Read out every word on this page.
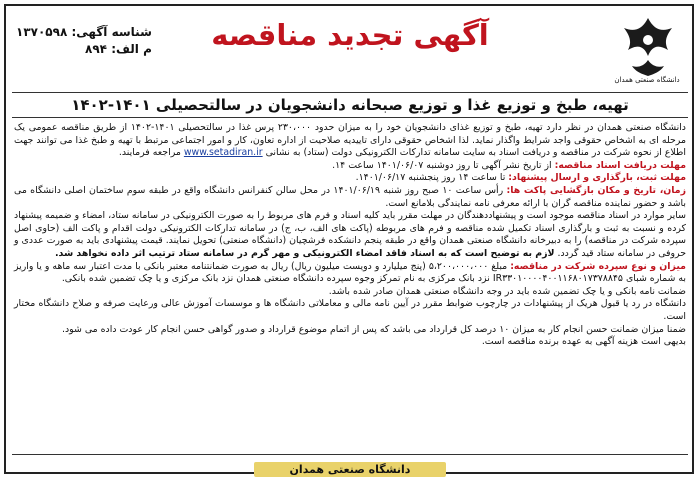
دانشگاه صنعتی همدان
آگهی تجدید مناقصه
شناسه آگهی: ۱۳۷۰۵۹۸
م الف: ۸۹۴
تهیه، طبخ و توزیع غذا و توزیع صبحانه دانشجویان در سالتحصیلی ۱۴۰۱-۱۴۰۲

دانشگاه صنعتی همدان در نظر دارد تهیه، طبخ و توزیع غذای دانشجویان خود را به میزان حدود ۲۳۰،۰۰۰ پرس غذا در سالتحصیلی ۱۴۰۱-۱۴۰۲ از طریق مناقصه عمومی یک مرحله ای به اشخاص حقوقی واجد شرایط واگذار نماید. لذا اشخاص حقوقی دارای تاییدیه صلاحیت از اداره تعاون، کار و امور اجتماعی مرتبط با تهیه و طبخ غذا می توانند جهت اطلاع از نحوه شرکت در مناقصه و دریافت اسناد به سایت سامانه تدارکات الکترونیکی دولت (ستاد) به نشانی www.setadiran.ir مراجعه فرمایند.

مهلت دریافت اسناد مناقصه: از تاریخ نشر آگهی تا روز دوشنبه ۱۴۰۱/۰۶/۰۷ ساعت ۱۴.

مهلت ثبت، بارگذاری و ارسال پیشنهاد: تا ساعت ۱۴ روز پنجشنبه ۱۴۰۱/۰۶/۱۷.

زمان، تاریخ و مکان بازگشایی پاکت ها: رأس ساعت ۱۰ صبح روز شنبه ۱۴۰۱/۰۶/۱۹ در محل سالن کنفرانس دانشگاه واقع در طبقه سوم ساختمان اصلی دانشگاه می باشد و حضور نماینده مناقصه گران با ارائه معرفی نامه نمایندگی بلامانع است.

سایر موارد در اسناد مناقصه موجود است و پیشنهاددهندگان در مهلت مقرر باید کلیه اسناد و فرم های مربوط را به صورت الکترونیکی در سامانه ستاد، امضاء و ضمیمه پیشنهاد کرده و نسبت به ثبت و بارگذاری اسناد تکمیل شده مناقصه و فرم های مربوطه (پاکت های الف، ب، ج) در سامانه تدارکات الکترونیکی دولت اقدام و پاکت الف (حاوی اصل سپرده شرکت در مناقصه) را به دبیرخانه دانشگاه صنعتی همدان واقع در طبقه پنجم دانشکده فرشچیان (دانشگاه صنعتی) تحویل نمایند. قیمت پیشنهادی باید به صورت عددی و حروفی در سامانه ستاد قید گردد. لازم به توضیح است که به اسناد فاقد امضاء الکترونیکی و مهر گرم در سامانه ستاد ترتیب اثر داده نخواهد شد.

میزان و نوع سپرده شرکت در مناقصه: مبلغ ۵،۲۰۰،۰۰۰،۰۰۰ (پنج میلیارد و دویست میلیون ریال) ریال به صورت ضمانتنامه معتبر بانکی با مدت اعتبار سه ماهه و یا واریز به شماره شبای IR۳۳۰۱۰۰۰۰۴۰۰۱۱۶۸۰۱۷۳۷۸۸۴۵ نزد بانک مرکزی به نام تمرکز وجوه سپرده دانشگاه صنعتی همدان نزد بانک مرکزی و یا چک تضمین شده بانکی.

ضمانت نامه بانکی و یا چک تضمین شده باید در وجه دانشگاه صنعتی همدان صادر شده باشد.

دانشگاه در رد یا قبول هریک از پیشنهادات در چارچوب ضوابط مقرر در آیین نامه مالی و معاملاتی دانشگاه ها و موسسات آموزش عالی ورعایت صرفه و صلاح دانشگاه مختار است.

ضمنا میزان ضمانت حسن انجام کار به میزان ۱۰ درصد کل قرارداد می باشد که پس از اتمام موضوع قرارداد و صدور گواهی حسن انجام کار عودت داده می شود.

بدیهی است هزینه آگهی به عهده برنده مناقصه است.

دانشگاه صنعتی همدان
